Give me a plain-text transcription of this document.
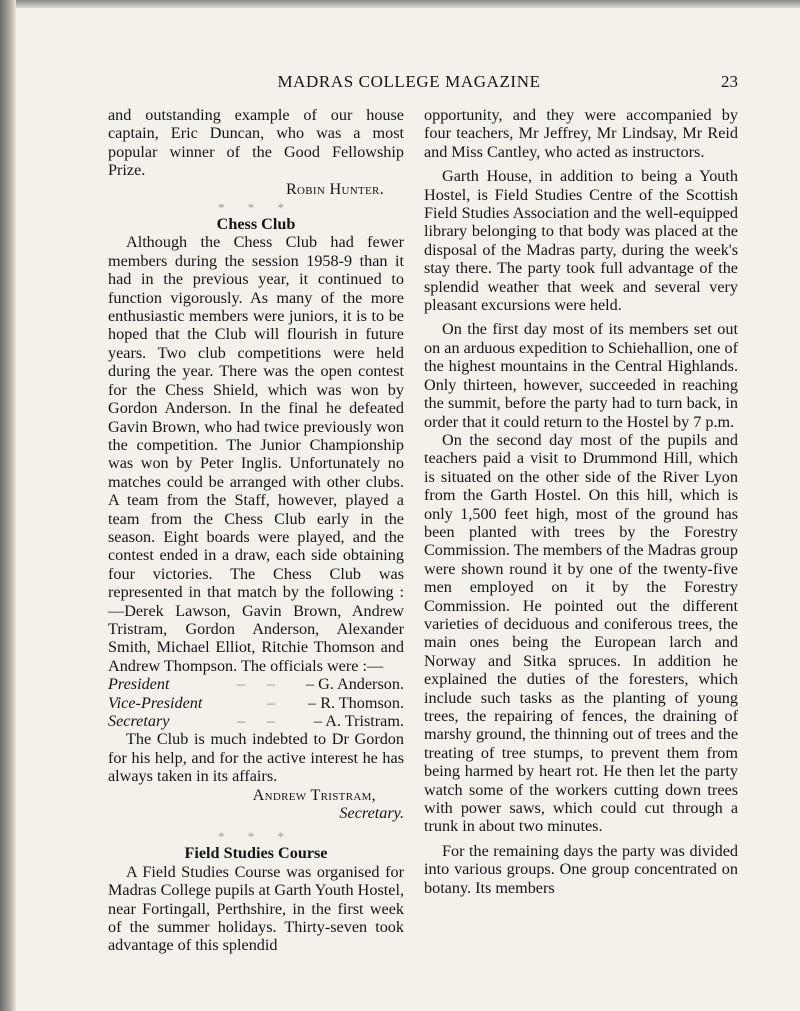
MADRAS COLLEGE MAGAZINE	23

and outstanding example of our house captain, Eric Duncan, who was a most popular winner of the Good Fellowship Prize.

Robin Hunter.

* * *

Chess Club

Although the Chess Club had fewer members during the session 1958-9 than it had in the previous year, it continued to function vigorously. As many of the more enthusiastic members were juniors, it is to be hoped that the Club will flourish in future years. Two club competitions were held during the year. There was the open contest for the Chess Shield, which was won by Gordon Anderson. In the final he defeated Gavin Brown, who had twice previously won the competition. The Junior Championship was won by Peter Inglis. Unfortunately no matches could be arranged with other clubs. A team from the Staff, however, played a team from the Chess Club early in the season. Eight boards were played, and the contest ended in a draw, each side obtaining four victories. The Chess Club was represented in that match by the following :—Derek Lawson, Gavin Brown, Andrew Tristram, Gordon Anderson, Alexander Smith, Michael Elliot, Ritchie Thomson and Andrew Thompson. The officials were :—

President	–	–	– G. Anderson.
Vice-President		–	– R. Thomson.
Secretary	–	–	– A. Tristram.

The Club is much indebted to Dr Gordon for his help, and for the active interest he has always taken in its affairs.

Andrew Tristram,

Secretary.

* * *

Field Studies Course

A Field Studies Course was organised for Madras College pupils at Garth Youth Hostel, near Fortingall, Perthshire, in the first week of the summer holidays. Thirty-seven took advantage of this splendid

opportunity, and they were accompanied by four teachers, Mr Jeffrey, Mr Lindsay, Mr Reid and Miss Cantley, who acted as instructors.

Garth House, in addition to being a Youth Hostel, is Field Studies Centre of the Scottish Field Studies Association and the well-equipped library belonging to that body was placed at the disposal of the Madras party, during the week's stay there. The party took full advantage of the splendid weather that week and several very pleasant excursions were held.

On the first day most of its members set out on an arduous expedition to Schiehallion, one of the highest mountains in the Central Highlands. Only thirteen, however, succeeded in reaching the summit, before the party had to turn back, in order that it could return to the Hostel by 7 p.m.

On the second day most of the pupils and teachers paid a visit to Drummond Hill, which is situated on the other side of the River Lyon from the Garth Hostel. On this hill, which is only 1,500 feet high, most of the ground has been planted with trees by the Forestry Commission. The members of the Madras group were shown round it by one of the twenty-five men employed on it by the Forestry Commission. He pointed out the different varieties of deciduous and coniferous trees, the main ones being the European larch and Norway and Sitka spruces. In addition he explained the duties of the foresters, which include such tasks as the planting of young trees, the repairing of fences, the draining of marshy ground, the thinning out of trees and the treating of tree stumps, to prevent them from being harmed by heart rot. He then let the party watch some of the workers cutting down trees with power saws, which could cut through a trunk in about two minutes.

For the remaining days the party was divided into various groups. One group concentrated on botany. Its members
